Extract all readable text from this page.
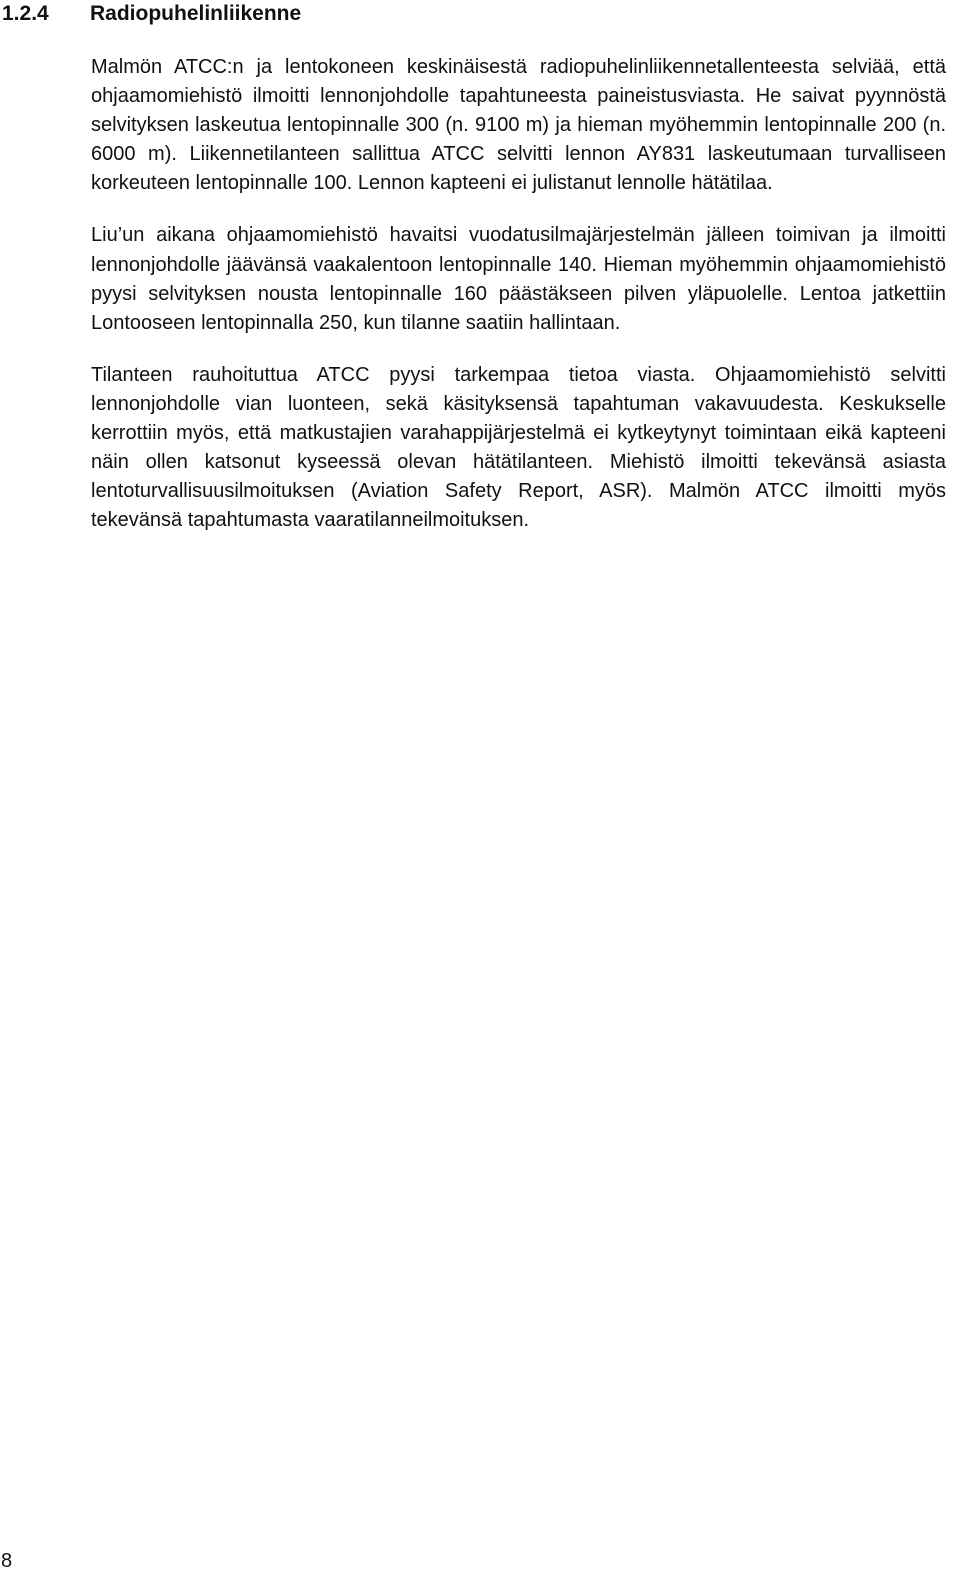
1.2.4 Radiopuhelinliikenne

Malmön ATCC:n ja lentokoneen keskinäisestä radiopuhelinliikennetallenteesta selviää, että ohjaamomiehistö ilmoitti lennonjohdolle tapahtuneesta paineistusviasta. He saivat pyynnöstä selvityksen laskeutua lentopinnalle 300 (n. 9100 m) ja hieman myöhemmin lentopinnalle 200 (n. 6000 m). Liikennetilanteen sallittua ATCC selvitti lennon AY831 laskeutumaan turvalliseen korkeuteen lentopinnalle 100. Lennon kapteeni ei julistanut lennolle hätätilaa.

Liu’un aikana ohjaamomiehistö havaitsi vuodatusilmajärjestelmän jälleen toimivan ja ilmoitti lennonjohdolle jäävänsä vaakalentoon lentopinnalle 140. Hieman myöhemmin ohjaamomiehistö pyysi selvityksen nousta lentopinnalle 160 päästäkseen pilven yläpuolelle. Lentoa jatkettiin Lontooseen lentopinnalla 250, kun tilanne saatiin hallintaan.

Tilanteen rauhoituttua ATCC pyysi tarkempaa tietoa viasta. Ohjaamomiehistö selvitti lennonjohdolle vian luonteen, sekä käsityksensä tapahtuman vakavuudesta. Keskukselle kerrottiin myös, että matkustajien varahappijärjestelmä ei kytkeytynyt toimintaan eikä kapteeni näin ollen katsonut kyseessä olevan hätätilanteen. Miehistö ilmoitti tekevänsä asiasta lentoturvallisuusilmoituksen (Aviation Safety Report, ASR). Malmön ATCC ilmoitti myös tekevänsä tapahtumasta vaaratilanneilmoituksen.

8
